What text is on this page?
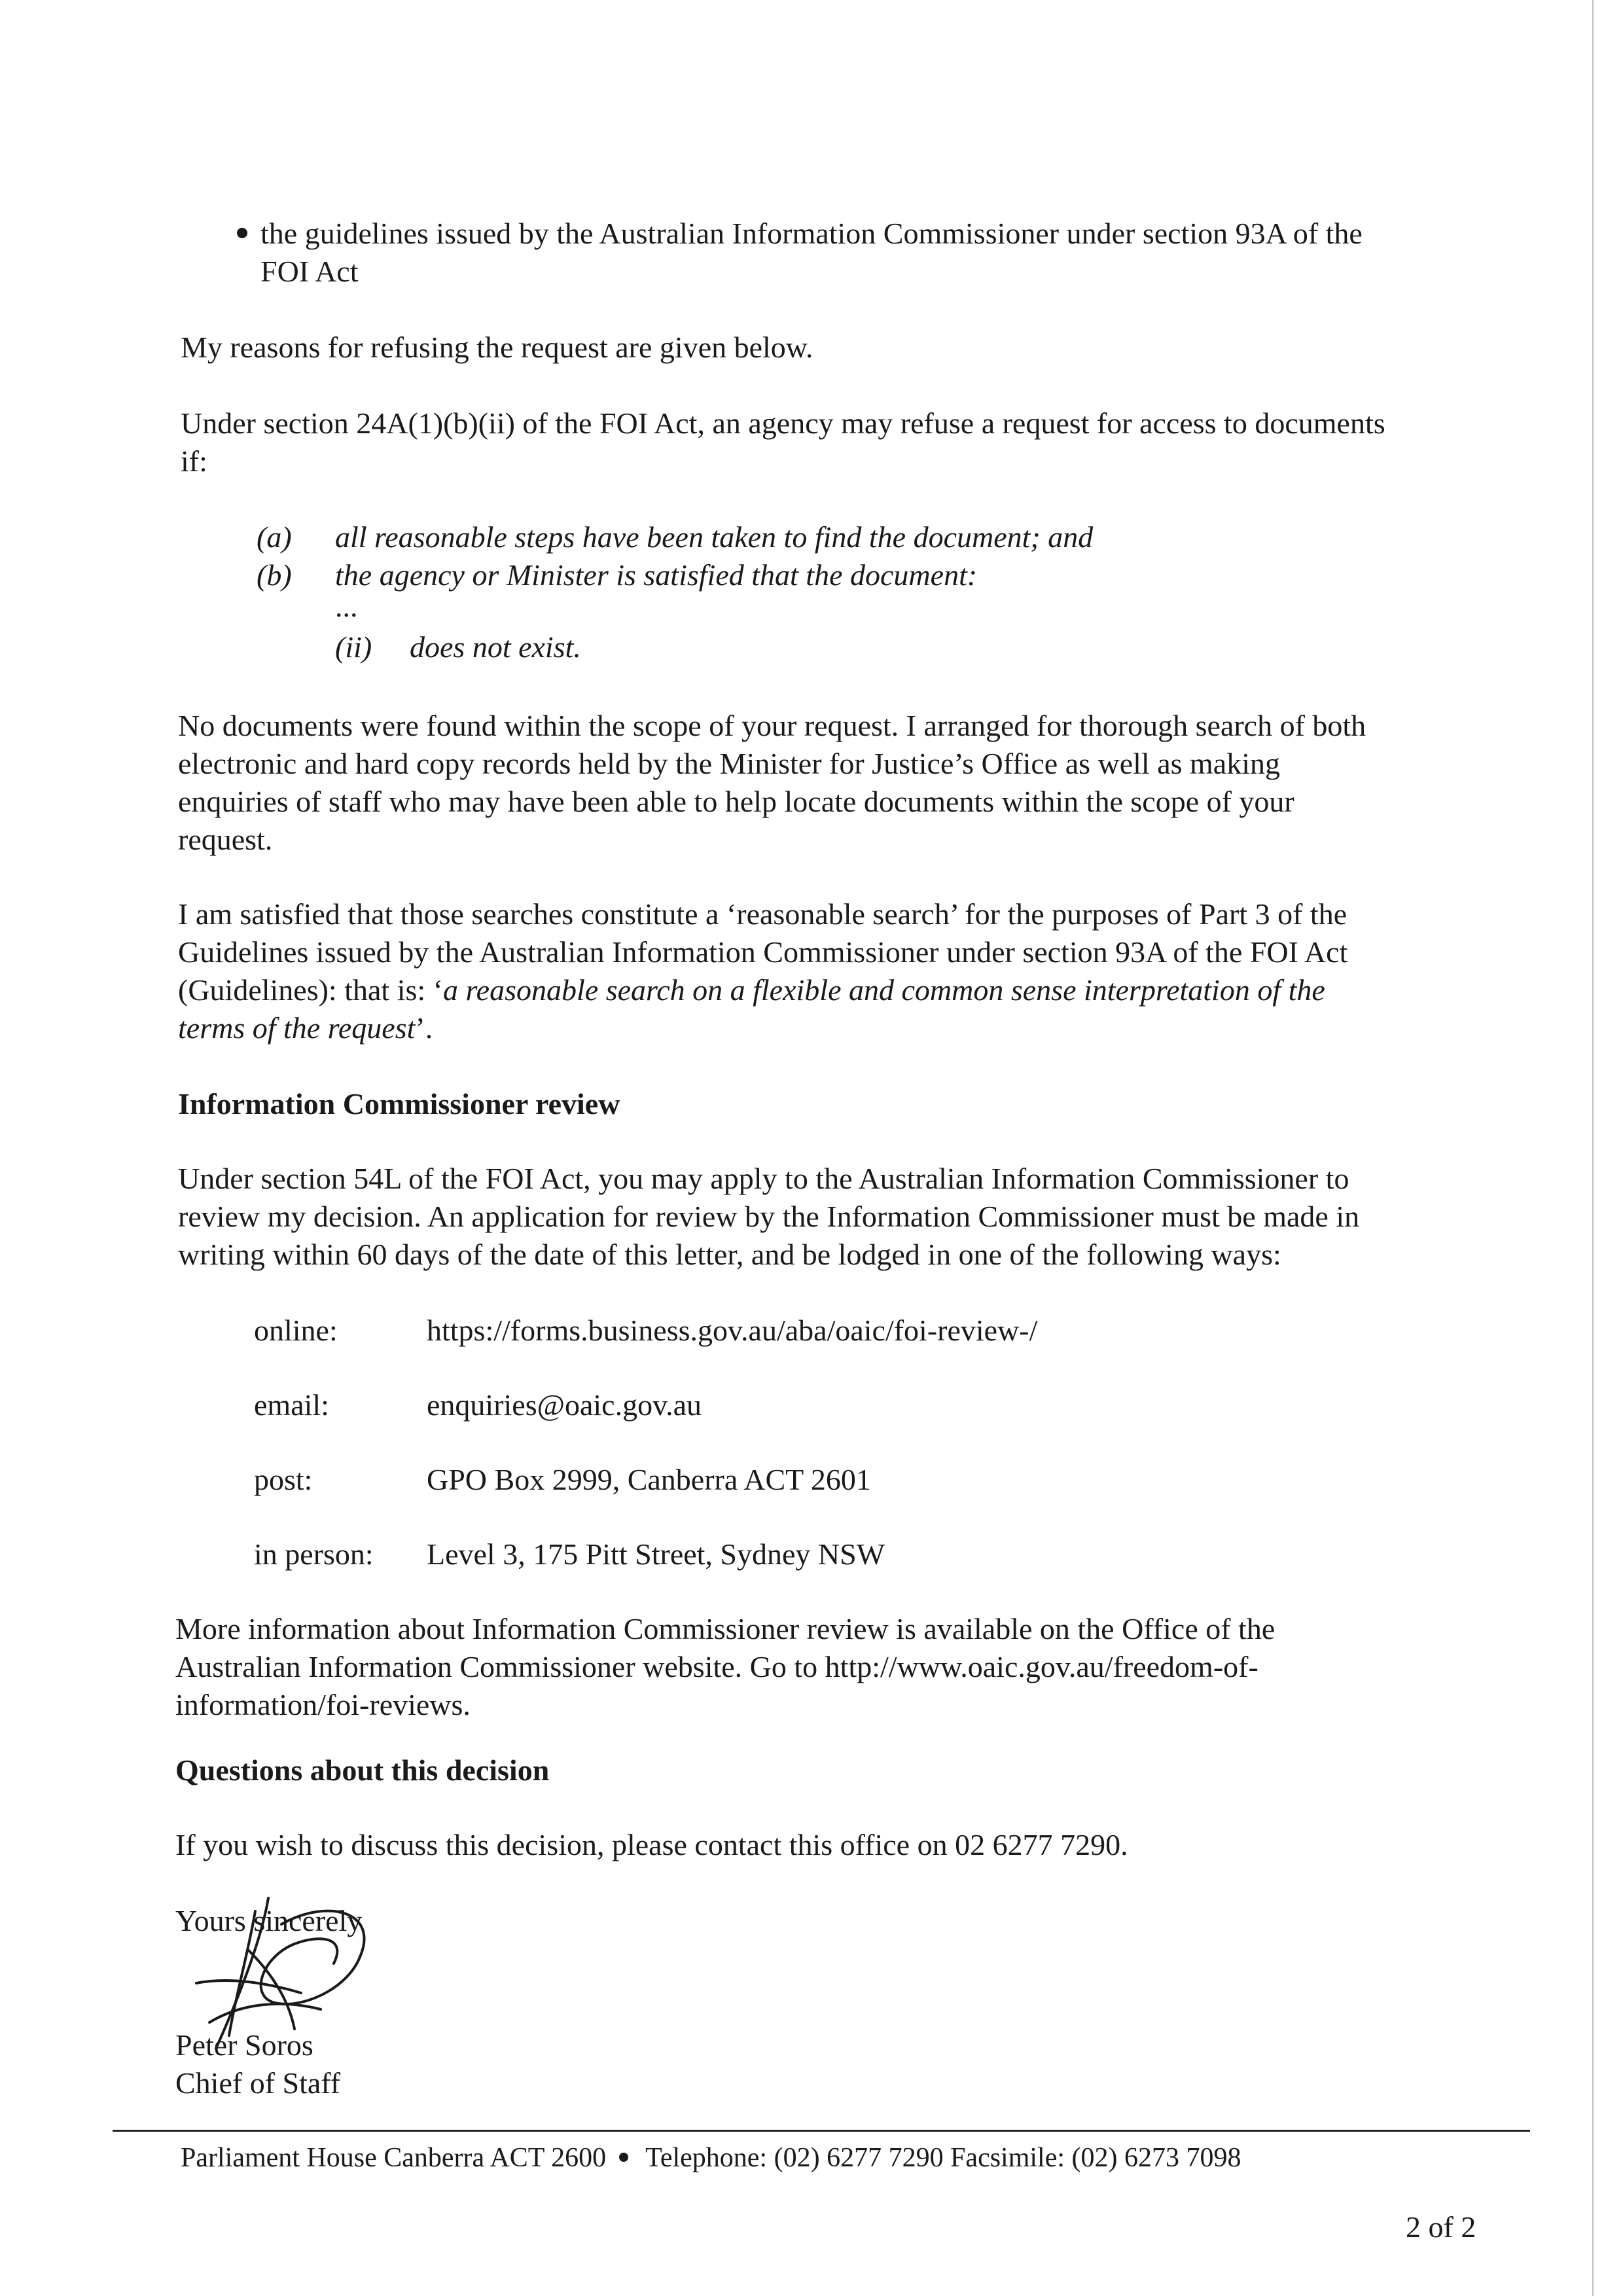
the guidelines issued by the Australian Information Commissioner under section 93A of the
FOI Act

My reasons for refusing the request are given below.

Under section 24A(1)(b)(ii) of the FOI Act, an agency may refuse a request for access to documents
if:

(a) all reasonable steps have been taken to find the document; and
(b) the agency or Minister is satisfied that the document:
...
(ii) does not exist.

No documents were found within the scope of your request. I arranged for thorough search of both
electronic and hard copy records held by the Minister for Justice’s Office as well as making
enquiries of staff who may have been able to help locate documents within the scope of your
request.

I am satisfied that those searches constitute a ‘reasonable search’ for the purposes of Part 3 of the
Guidelines issued by the Australian Information Commissioner under section 93A of the FOI Act
(Guidelines): that is: ‘a reasonable search on a flexible and common sense interpretation of the
terms of the request’.

Information Commissioner review

Under section 54L of the FOI Act, you may apply to the Australian Information Commissioner to
review my decision. An application for review by the Information Commissioner must be made in
writing within 60 days of the date of this letter, and be lodged in one of the following ways:

online:	https://forms.business.gov.au/aba/oaic/foi-review-/
email:	enquiries@oaic.gov.au
post:	GPO Box 2999, Canberra ACT 2601
in person: Level 3, 175 Pitt Street, Sydney NSW

More information about Information Commissioner review is available on the Office of the
Australian Information Commissioner website. Go to http://www.oaic.gov.au/freedom-of-
information/foi-reviews.

Questions about this decision

If you wish to discuss this decision, please contact this office on 02 6277 7290.

Yours sincerely
Peter Soros
Chief of Staff

Parliament House Canberra ACT 2600 Telephone: (02) 6277 7290 Facsimile: (02) 6273 7098

2 of 2
